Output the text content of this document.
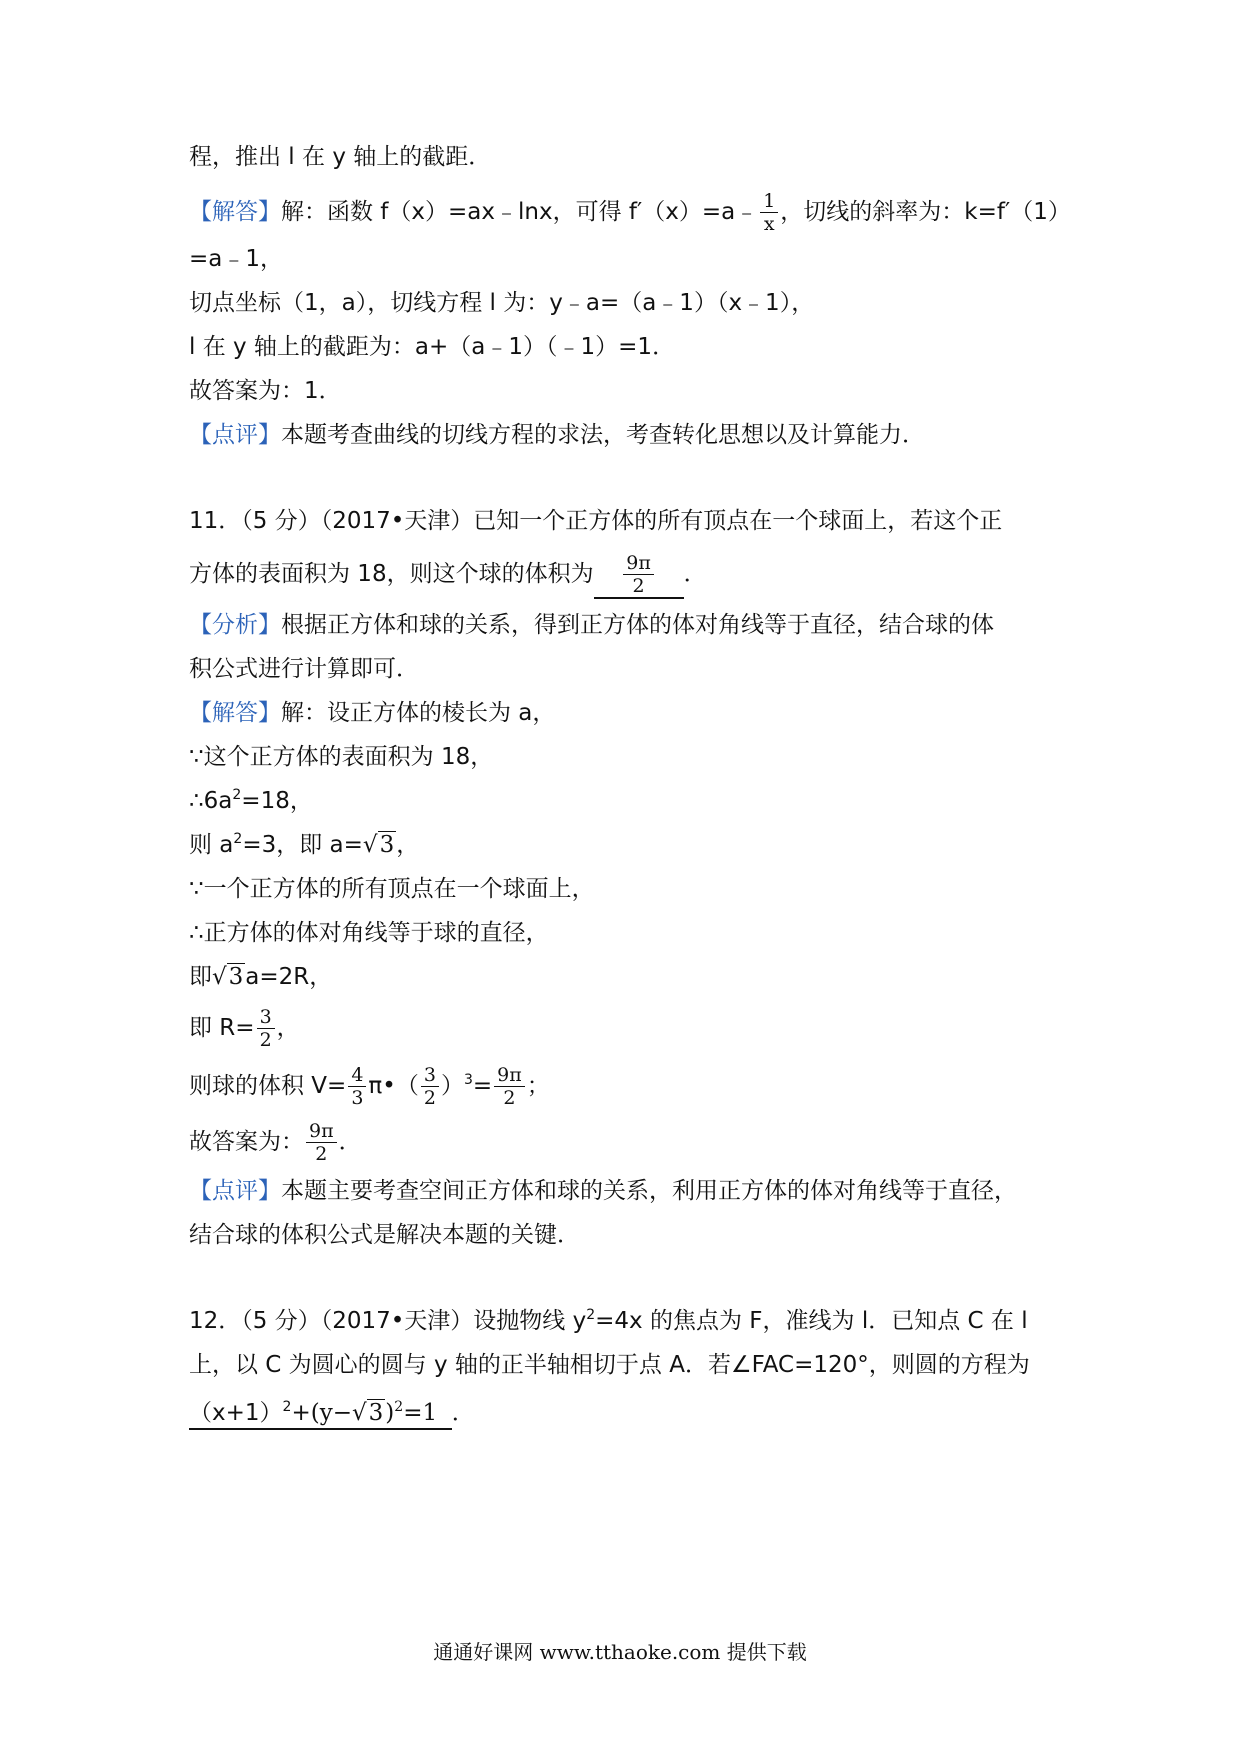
程，推出 l 在 y 轴上的截距．
【解答】解：函数 f（x）=ax﹣lnx，可得 f′（x）=a﹣ $\frac{1}{x}$ ，切线的斜率为：k=f′（1）
=a﹣1，
切点坐标（1，a），切线方程 l 为：y﹣a=（a﹣1）（x﹣1），
l 在 y 轴上的截距为：a+（a﹣1）（﹣1）=1．
故答案为：1．
【点评】本题考查曲线的切线方程的求法，考查转化思想以及计算能力．
11．（5 分）（2017•天津）已知一个正方体的所有顶点在一个球面上，若这个正
方体的表面积为 18，则这个球的体积为 $\frac{9\pi}{2}$ ．
【分析】根据正方体和球的关系，得到正方体的体对角线等于直径，结合球的体
积公式进行计算即可．
【解答】解：设正方体的棱长为 a，
∵这个正方体的表面积为 18，
$\therefore 6a^2=18$，
则 $a^2=3$，即 a=√3，
∵一个正方体的所有顶点在一个球面上，
∴正方体的体对角线等于球的直径，
即√3a=2R，
即 $R= \frac{3}{2}$ ，
则球的体积 $V= \frac{4}{3}$ π•（ $\frac{3}{2} )^3= \frac{9\pi}{2}$ ；
故答案为： $\frac{9\pi}{2}$ ．
【点评】本题主要考查空间正方体和球的关系，利用正方体的体对角线等于直径，
结合球的体积公式是解决本题的关键．
12．（5 分）（2017•天津）设抛物线 $y^2=4x$ 的焦点为 F，准线为 l．已知点 C 在 l
上，以 C 为圆心的圆与 y 轴的正半轴相切于点 A．若∠FAC=120°，则圆的方程为
$(x+1)^2+(y-√3)^2=1$ ．
通通好课网 www.tthaoke.com 提供下载
